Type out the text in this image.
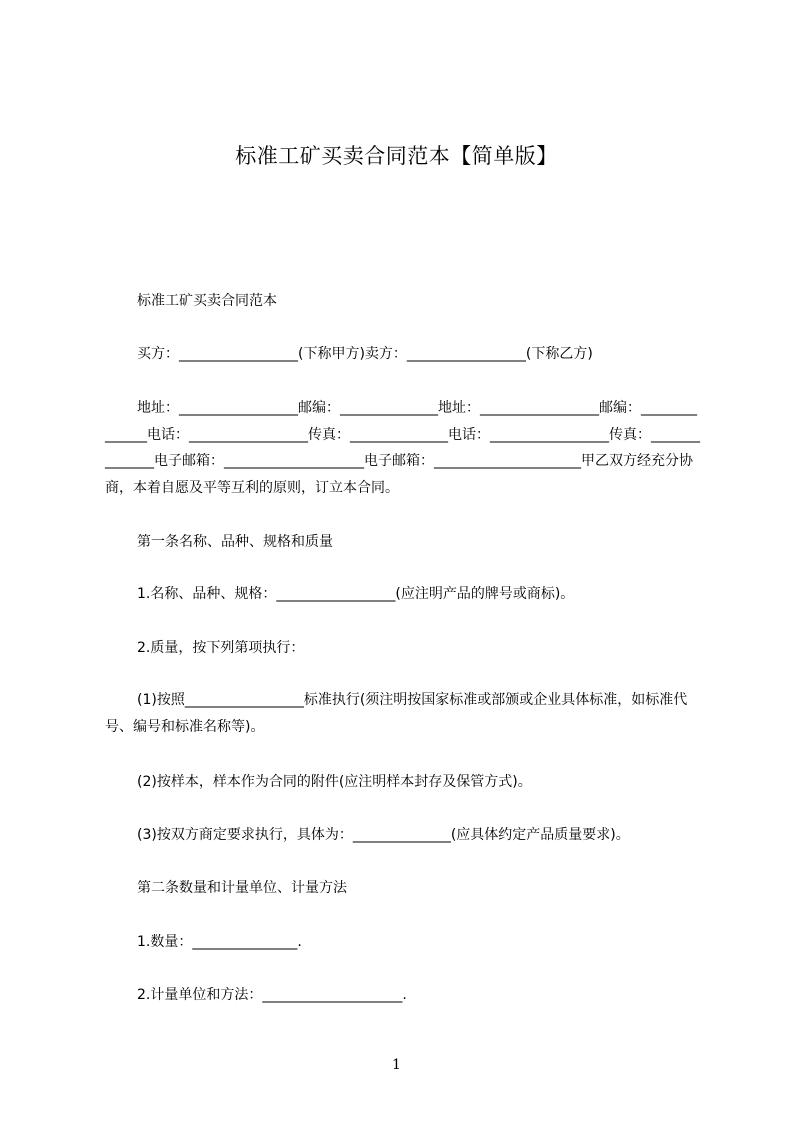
标准工矿买卖合同范本【简单版】
标准工矿买卖合同范本
买方：_________________(下称甲方)卖方：_________________(下称乙方)
地址：_________________邮编：______________地址：_________________邮编：______________电话：_________________传真：______________电话：_________________传真：______________电子邮箱：____________________电子邮箱：_____________________甲乙双方经充分协商，本着自愿及平等互利的原则，订立本合同。
第一条名称、品种、规格和质量
1.名称、品种、规格：_________________(应注明产品的牌号或商标)。
2.质量，按下列第项执行：
(1)按照_________________标准执行(须注明按国家标准或部颁或企业具体标准，如标准代号、编号和标准名称等)。
(2)按样本，样本作为合同的附件(应注明样本封存及保管方式)。
(3)按双方商定要求执行，具体为：______________(应具体约定产品质量要求)。
第二条数量和计量单位、计量方法
1.数量：_______________.
2.计量单位和方法：____________________.
1
